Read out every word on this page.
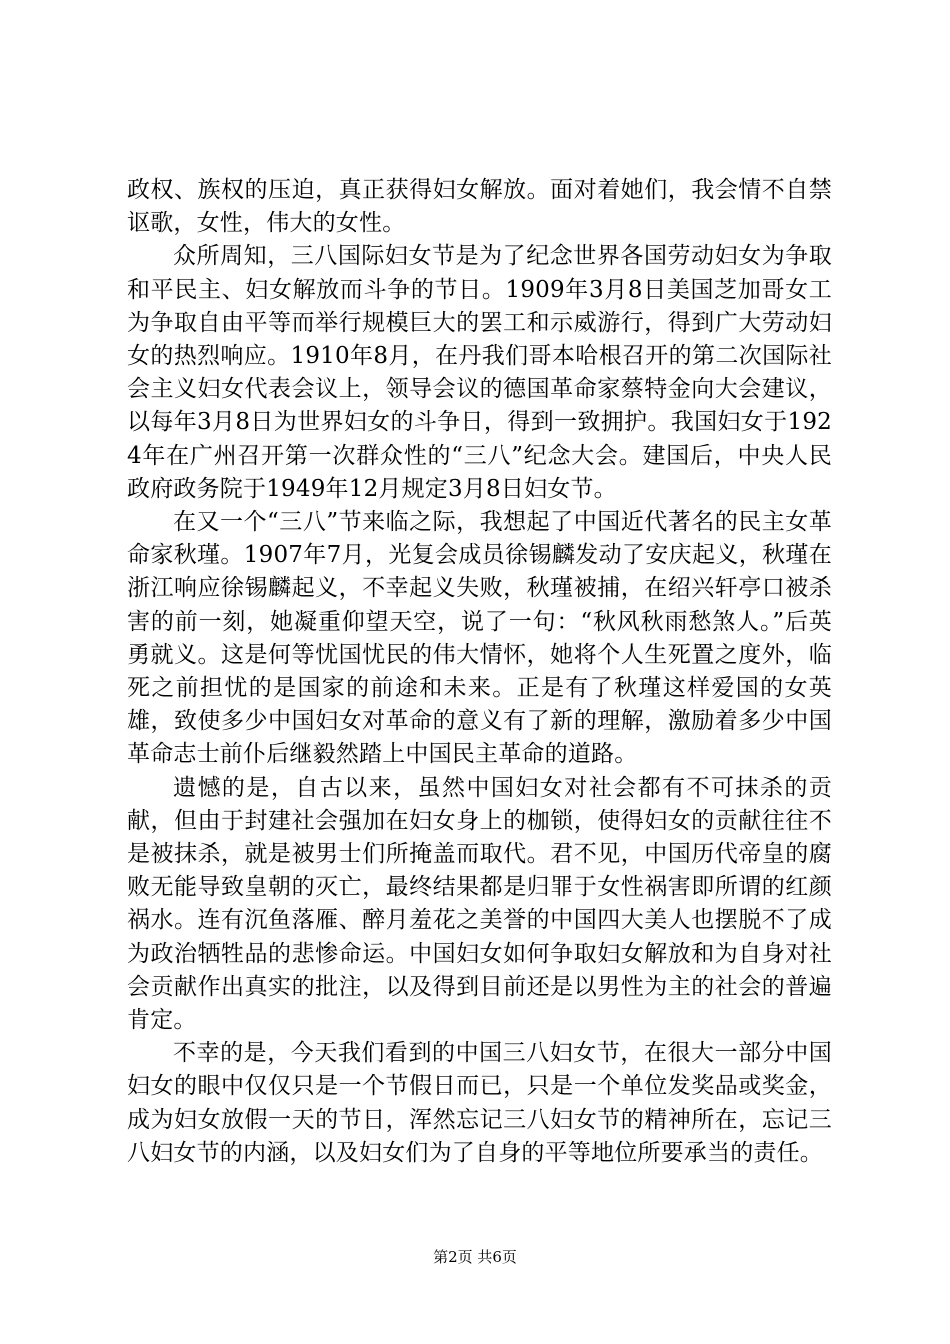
政权、族权的压迫，真正获得妇女解放。面对着她们，我会情不自禁讴歌，女性，伟大的女性。

众所周知，三八国际妇女节是为了纪念世界各国劳动妇女为争取和平民主、妇女解放而斗争的节日。1909年3月8日美国芝加哥女工为争取自由平等而举行规模巨大的罢工和示威游行，得到广大劳动妇女的热烈响应。1910年8月，在丹我们哥本哈根召开的第二次国际社会主义妇女代表会议上，领导会议的德国革命家蔡特金向大会建议，以每年3月8日为世界妇女的斗争日，得到一致拥护。我国妇女于1924年在广州召开第一次群众性的“三八”纪念大会。建国后，中央人民政府政务院于1949年12月规定3月8日妇女节。

在又一个“三八”节来临之际，我想起了中国近代著名的民主女革命家秋瑾。1907年7月，光复会成员徐锡麟发动了安庆起义，秋瑾在浙江响应徐锡麟起义，不幸起义失败，秋瑾被捕，在绍兴轩亭口被杀害的前一刻，她凝重仰望天空，说了一句：“秋风秋雨愁煞人。”后英勇就义。这是何等忧国忧民的伟大情怀，她将个人生死置之度外，临死之前担忧的是国家的前途和未来。正是有了秋瑾这样爱国的女英雄，致使多少中国妇女对革命的意义有了新的理解，激励着多少中国革命志士前仆后继毅然踏上中国民主革命的道路。

遗憾的是，自古以来，虽然中国妇女对社会都有不可抹杀的贡献，但由于封建社会强加在妇女身上的枷锁，使得妇女的贡献往往不是被抹杀，就是被男士们所掩盖而取代。君不见，中国历代帝皇的腐败无能导致皇朝的灭亡，最终结果都是归罪于女性祸害即所谓的红颜祸水。连有沉鱼落雁、醉月羞花之美誉的中国四大美人也摆脱不了成为政治牺牲品的悲惨命运。中国妇女如何争取妇女解放和为自身对社会贡献作出真实的批注，以及得到目前还是以男性为主的社会的普遍肯定。

不幸的是，今天我们看到的中国三八妇女节，在很大一部分中国妇女的眼中仅仅只是一个节假日而已，只是一个单位发奖品或奖金，成为妇女放假一天的节日，浑然忘记三八妇女节的精神所在，忘记三八妇女节的内涵，以及妇女们为了自身的平等地位所要承当的责任。

第2页 共6页
